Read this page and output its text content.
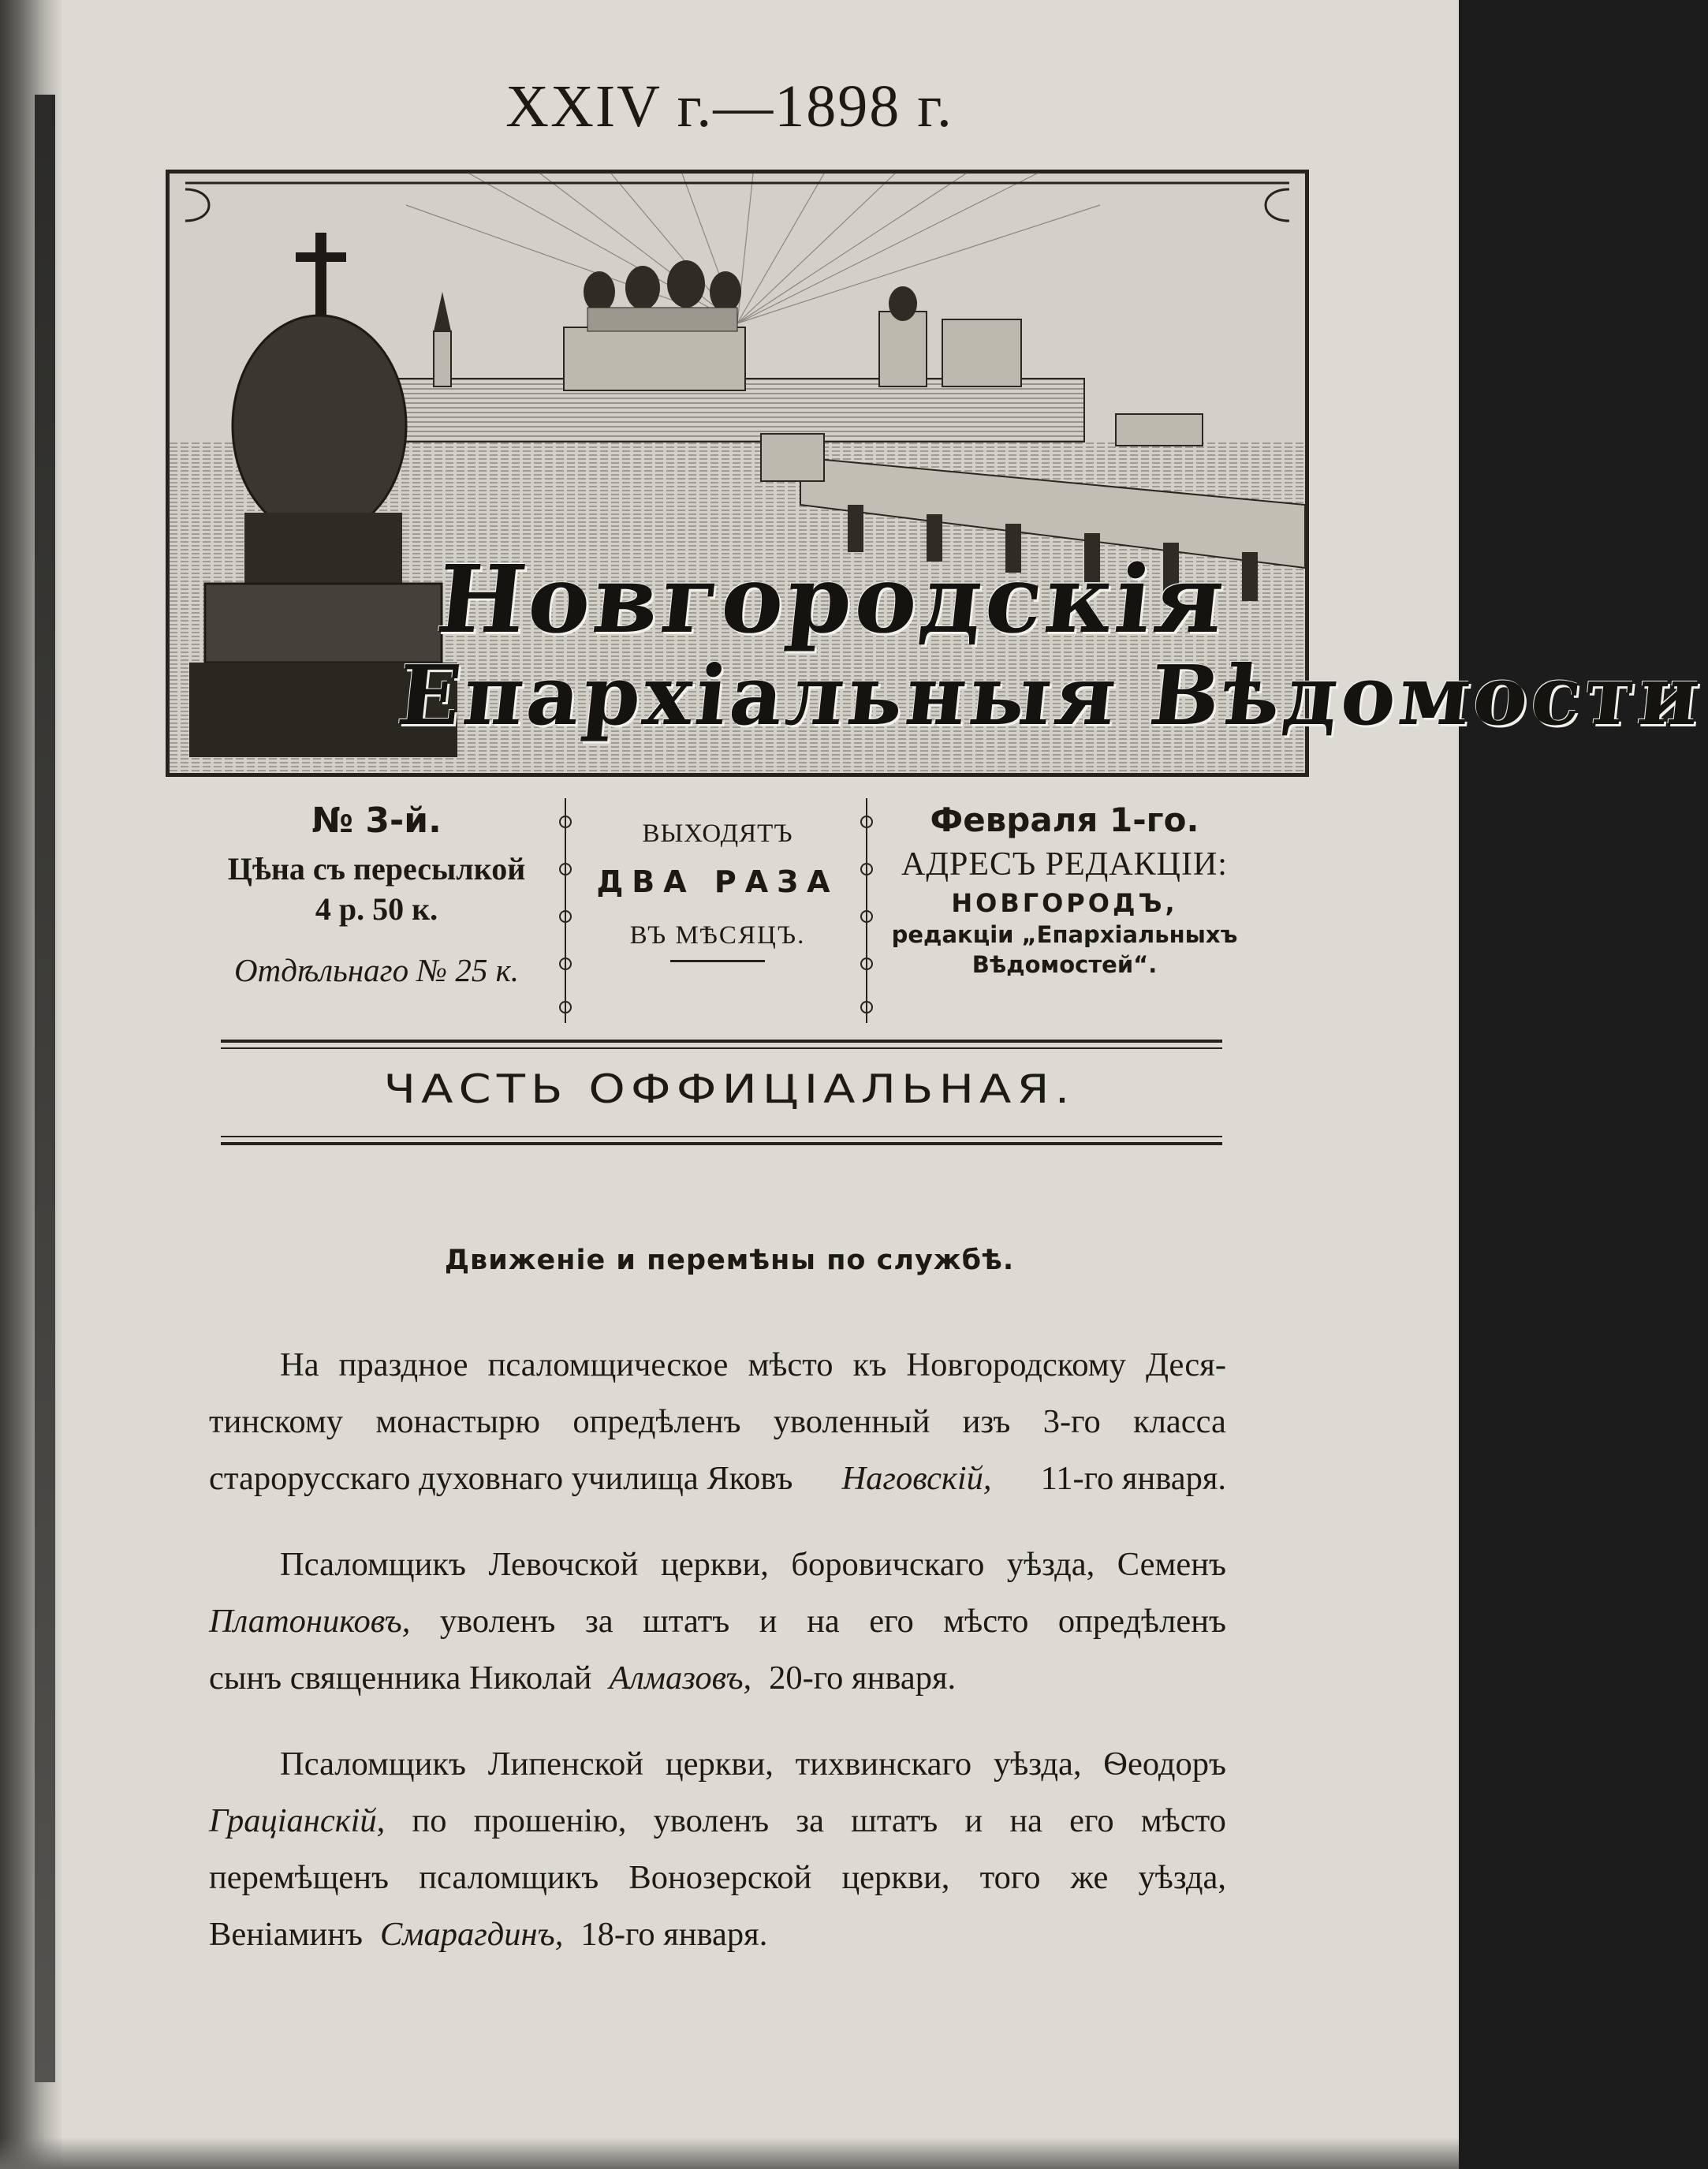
XXIV г.—1898 г.
Новгородскія
Епархіальныя Вѣдомости
№ 3-й.
Цѣна съ пересылкой
4 р. 50 к.
Отдѣльнаго № 25 к.
ВЫХОДЯТЪ
ДВА РАЗА
ВЪ МѢСЯЦЪ.
Февраля 1-го.
АДРЕСЪ РЕДАКЦІИ:
НОВГОРОДЪ,
редакціи „Епархіальныхъ
Вѣдомостей“.
ЧАСТЬ ОФФИЦІАЛЬНАЯ.
Движеніе и перемѣны по службѣ.
На праздное псаломщическое мѣсто къ Новгородскому Деся-
тинскому монастырю опредѣленъ уволенный изъ 3-го класса
старорусскаго духовнаго училища Яковъ Наговскій, 11-го января.
Псаломщикъ Левочской церкви, боровичскаго уѣзда, Семенъ
Платониковъ, уволенъ за штатъ и на его мѣсто опредѣленъ
сынъ священника Николай Алмазовъ, 20-го января.
Псаломщикъ Липенской церкви, тихвинскаго уѣзда, Ѳеодоръ
Граціанскій, по прошенію, уволенъ за штатъ и на его мѣсто
перемѣщенъ псаломщикъ Вонозерской церкви, того же уѣзда,
Веніаминъ Смарагдинъ, 18-го января.
